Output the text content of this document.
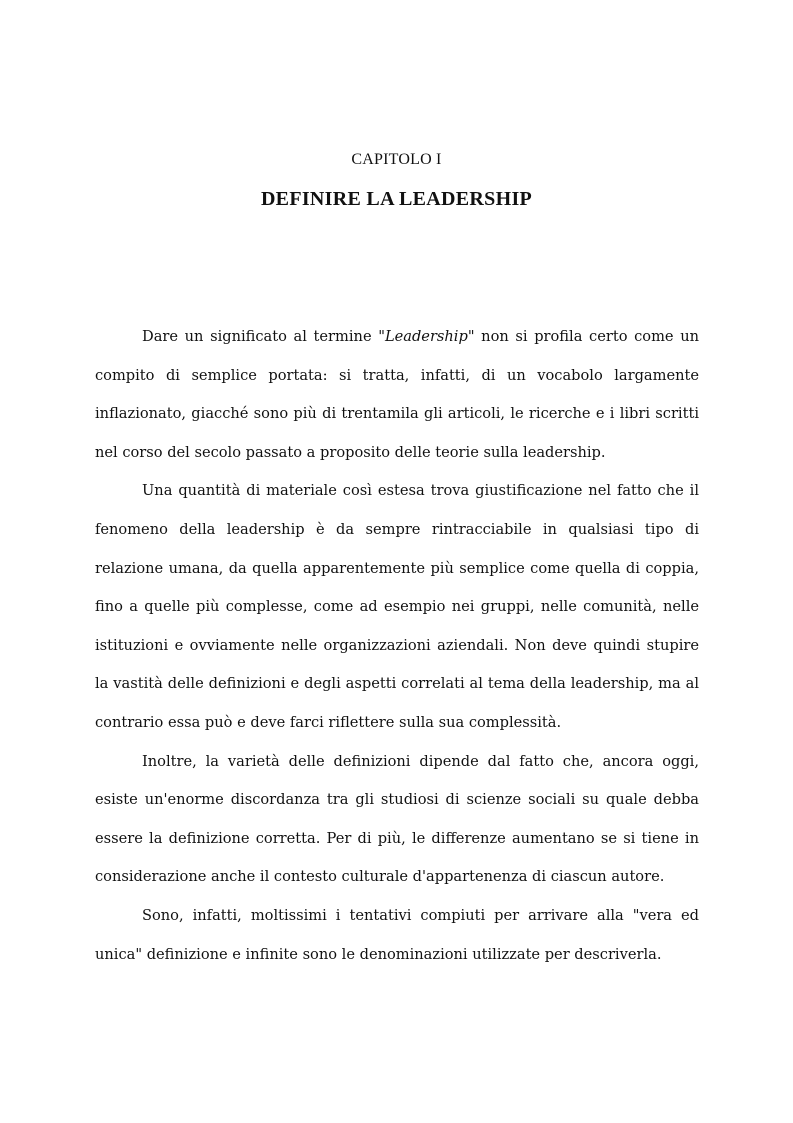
CAPITOLO I
DEFINIRE LA LEADERSHIP

Dare un significato al termine "Leadership" non si profila certo come un compito di semplice portata: si tratta, infatti, di un vocabolo largamente inflazionato, giacché sono più di trentamila gli articoli, le ricerche e i libri scritti nel corso del secolo passato a proposito delle teorie sulla leadership.

Una quantità di materiale così estesa trova giustificazione nel fatto che il fenomeno della leadership è da sempre rintracciabile in qualsiasi tipo di relazione umana, da quella apparentemente più semplice come quella di coppia, fino a quelle più complesse, come ad esempio nei gruppi, nelle comunità, nelle istituzioni e ovviamente nelle organizzazioni aziendali. Non deve quindi stupire la vastità delle definizioni e degli aspetti correlati al tema della leadership, ma al contrario essa può e deve farci riflettere sulla sua complessità.

Inoltre, la varietà delle definizioni dipende dal fatto che, ancora oggi, esiste un'enorme discordanza tra gli studiosi di scienze sociali su quale debba essere la definizione corretta. Per di più, le differenze aumentano se si tiene in considerazione anche il contesto culturale d'appartenenza di ciascun autore.

Sono, infatti, moltissimi i tentativi compiuti per arrivare alla "vera ed unica" definizione e infinite sono le denominazioni utilizzate per descriverla.
